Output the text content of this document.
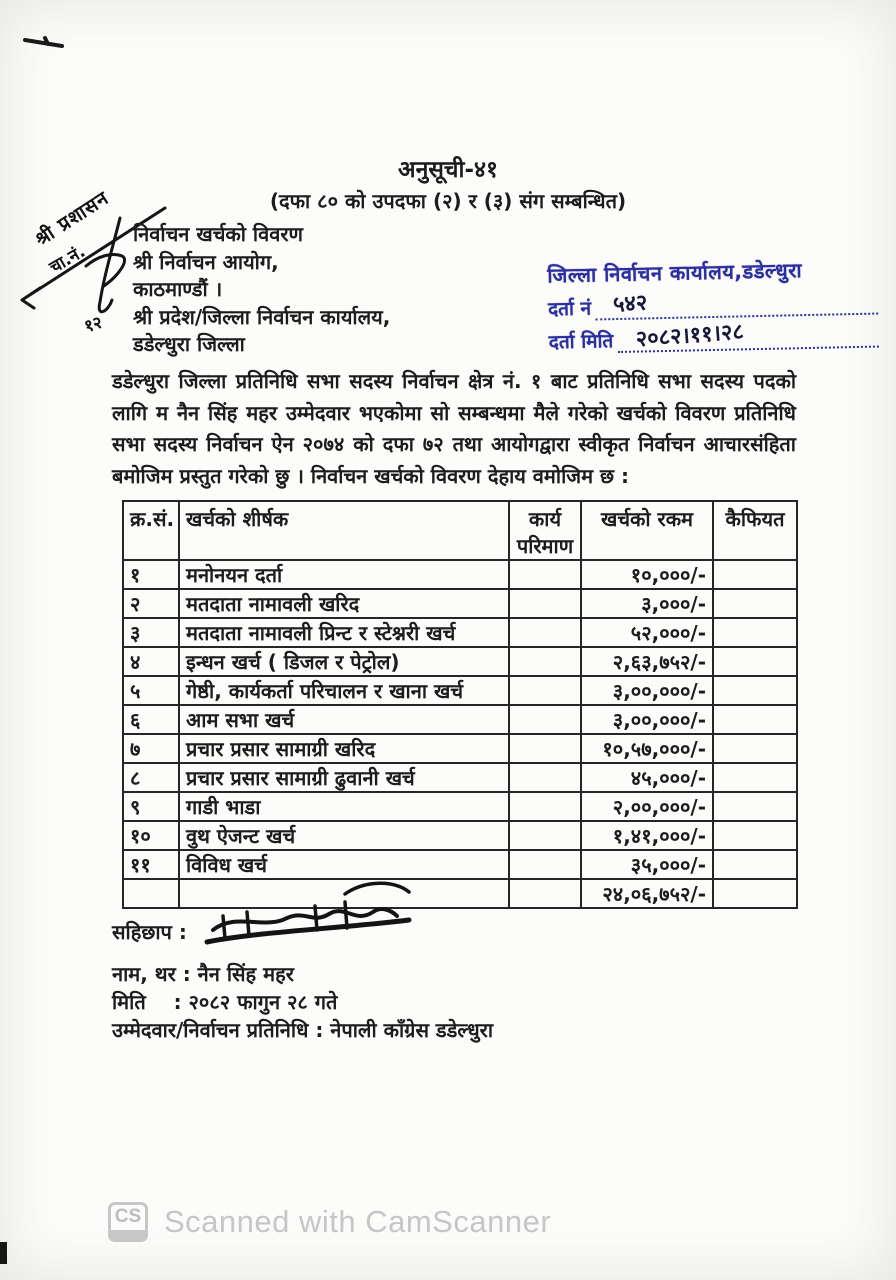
अनुसूची-४१
(दफा ८० को उपदफा (२) र (३) संग सम्बन्धित)
श्री प्रशासन
चा.नं.
१२
निर्वाचन खर्चको विवरण
श्री निर्वाचन आयोग,
काठमाण्डौं ।
श्री प्रदेश/जिल्ला निर्वाचन कार्यालय,
डडेल्धुरा जिल्ला
जिल्ला निर्वाचन कार्यालय,डडेल्धुरा
दर्ता नं ५४२
दर्ता मिति २०८२।११।२८
डडेल्धुरा जिल्ला प्रतिनिधि सभा सदस्य निर्वाचन क्षेत्र नं. १ बाट प्रतिनिधि सभा सदस्य पदको लागि म नैन सिंह महर उम्मेदवार भएकोमा सो सम्बन्धमा मैले गरेको खर्चको विवरण प्रतिनिधि सभा सदस्य निर्वाचन ऐन २०७४ को दफा ७२ तथा आयोगद्वारा स्वीकृत निर्वाचन आचारसंहिता बमोजिम प्रस्तुत गरेको छु । निर्वाचन खर्चको विवरण देहाय वमोजिम छ :
क्र.सं.	खर्चको शीर्षक	कार्य परिमाण	खर्चको रकम	कैफियत
१	मनोनयन दर्ता		१०,०००/-	
२	मतदाता नामावली खरिद		३,०००/-	
३	मतदाता नामावली प्रिन्ट र स्टेश्नरी खर्च		५२,०००/-	
४	इन्धन खर्च ( डिजल र पेट्रोल)		२,६३,७५२/-	
५	गेष्ठी, कार्यकर्ता परिचालन र खाना खर्च		३,००,०००/-	
६	आम सभा खर्च		३,००,०००/-	
७	प्रचार प्रसार सामाग्री खरिद		१०,५७,०००/-	
८	प्रचार प्रसार सामाग्री ढुवानी खर्च		४५,०००/-	
९	गाडी भाडा		२,००,०००/-	
१०	वुथ ऐजन्ट खर्च		१,४१,०००/-	
११	विविध खर्च		३५,०००/-	
			२४,०६,७५२/-	
सहिछाप :
नाम, थर : नैन सिंह महर
मिति    : २०८२ फागुन २८ गते
उम्मेदवार/निर्वाचन प्रतिनिधि : नेपाली काँग्रेस डडेल्धुरा
CS Scanned with CamScanner
